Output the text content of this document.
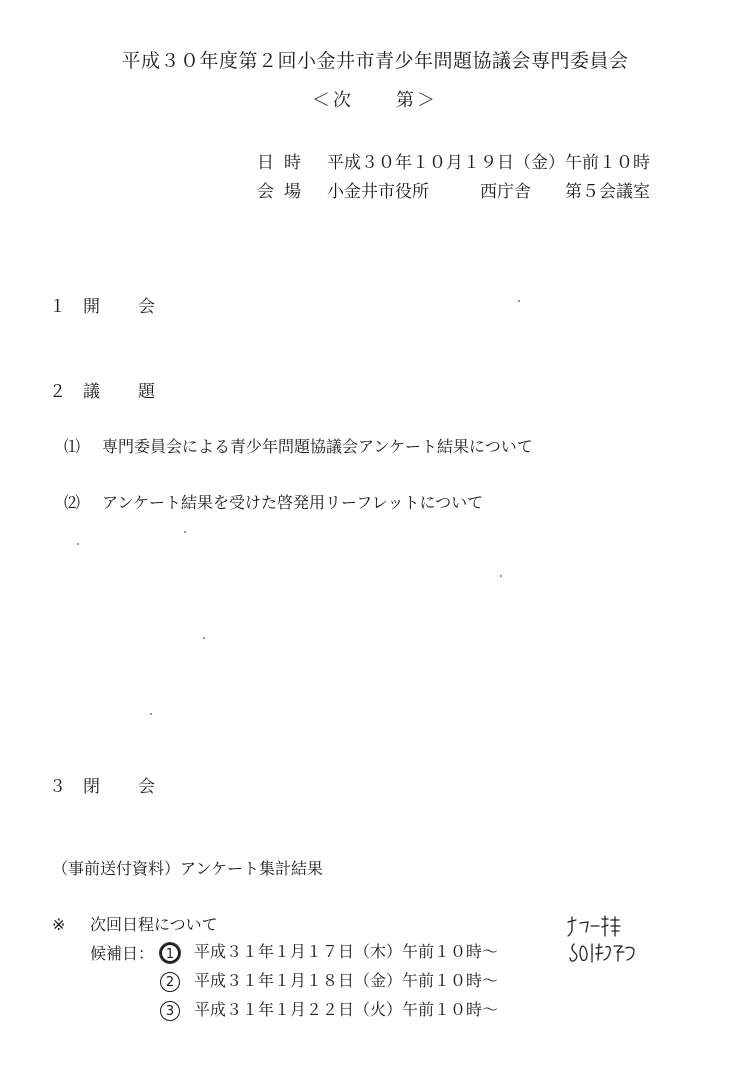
平成３０年度第２回小金井市青少年問題協議会専門委員会
＜次　　第＞
日時 平成３０年１０月１９日（金）午前１０時
会場 小金井市役所　　　西庁舎　　第５会議室
１ 開会
２ 議題
⑴ 専門委員会による青少年問題協議会アンケート結果について
⑵ アンケート結果を受けた啓発用リーフレットについて
３ 閉会
（事前送付資料）アンケート集計結果
※ 次回日程について
候補日： 1 平成３１年１月１７日（木）午前１０時～
2 平成３１年１月１８日（金）午前１０時～
3 平成３１年１月２２日（火）午前１０時～
